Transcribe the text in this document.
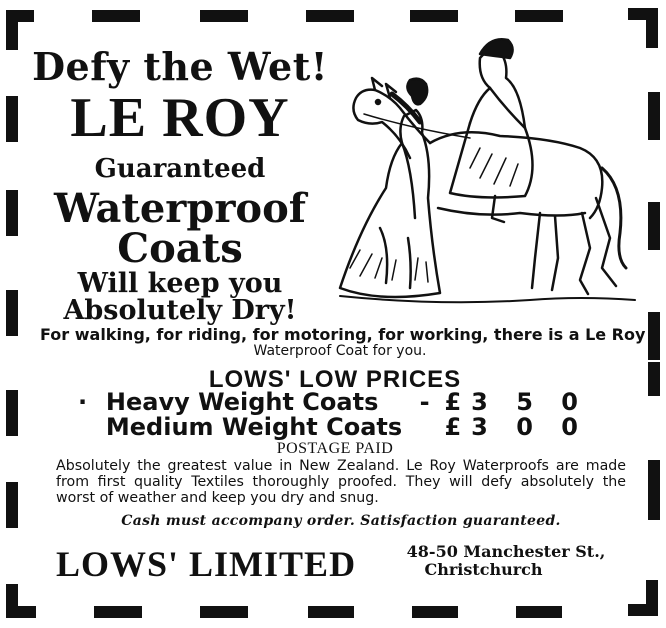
Defy the Wet!
LE ROY
Guaranteed
Waterproof
Coats
Will keep you
Absolutely Dry!
For walking, for riding, for motoring, for working, there is a Le Roy
Waterproof Coat for you.
LOWS' LOW PRICES
· Heavy Weight Coats	- £3 5 0
Medium Weight Coats £3 0 0
POSTAGE PAID
Absolutely the greatest value in New Zealand. Le Roy Waterproofs are made from first quality Textiles thoroughly proofed. They will defy absolutely the worst of weather and keep you dry and snug.
Cash must accompany order. Satisfaction guaranteed.
LOWS' LIMITED	48-50 Manchester St.,
Christchurch
